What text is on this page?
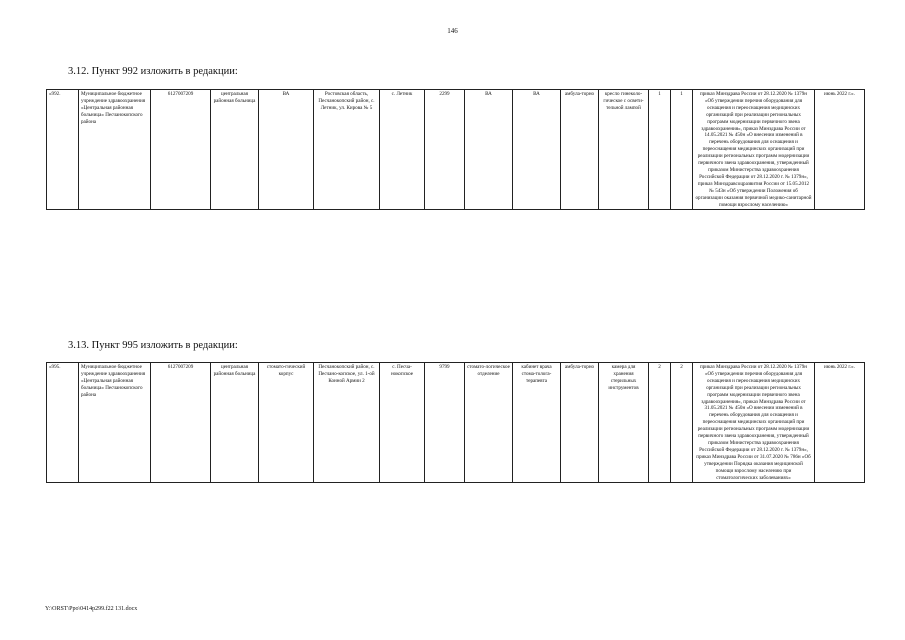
146
3.12. Пункт 992 изложить в редакции:
«992.	Муниципальное бюджетное учреждение здравоохранения «Центральная районная больница» Песчанокопского района	6127007209	центральная районная больница	ВА	Ростовская область, Песчанокопский район, с. Летник, ул. Кирова № 5	с. Летник	2299	ВА	ВА	амбула-торно	кресло гинеколо-гическое с освети-тельной лампой	1	1	приказ Минздрава России от 28.12.2020 № 1379н «Об утверждении перечня оборудования для оснащения и переоснащения медицинских организаций при реализации региональных программ модернизации первичного звена здравоохранения», приказ Минздрава России от 14.05.2021 № 450н «О внесении изменений в перечень оборудования для оснащения и переоснащения медицинских организаций при реализации региональных программ модернизации первичного звена здравоохранения, утвержденный приказом Министерства здравоохранения Российской Федерации от 28.12.2020 г. № 1379н», приказ Минздравсоцразвития России от 15.05.2012 № 543н «Об утверждении Положения об организации оказания первичной медико-санитарной помощи взрослому населению»	июнь 2022 г.».
3.13. Пункт 995 изложить в редакции:
«995.	Муниципальное бюджетное учреждение здравоохранения «Центральная районная больница» Песчанокопского района	6127007209	центральная районная больница	стомато-гический корпус	Песчанокопский район, с. Песчано-копское, ул. 1-ой Конной Армии 2	с. Песча-нокопское	9799	стомато-логическое отделение	кабинет врача стома-толога-терапевта	амбула-торно	камера для хранения стерильных инструментов	2	2	приказ Минздрава России от 28.12.2020 № 1379н «Об утверждении перечня оборудования для оснащения и переоснащения медицинских организаций при реализации региональных программ модернизации первичного звена здравоохранения», приказ Минздрава России от 31.05.2021 № 450н «О внесении изменений в перечень оборудования для оснащения и переоснащения медицинских организаций при реализации региональных программ модернизации первичного звена здравоохранения, утвержденный приказом Министерства здравоохранения Российской Федерации от 28.12.2020 г. № 1379н», приказ Минздрава России от 31.07.2020 № 786н «Об утверждении Порядка оказания медицинской помощи взрослому населению при стоматологических заболеваниях»	июнь 2022 г.».
Y:\ORST\Ppo\0414p299.f22 131.docx
